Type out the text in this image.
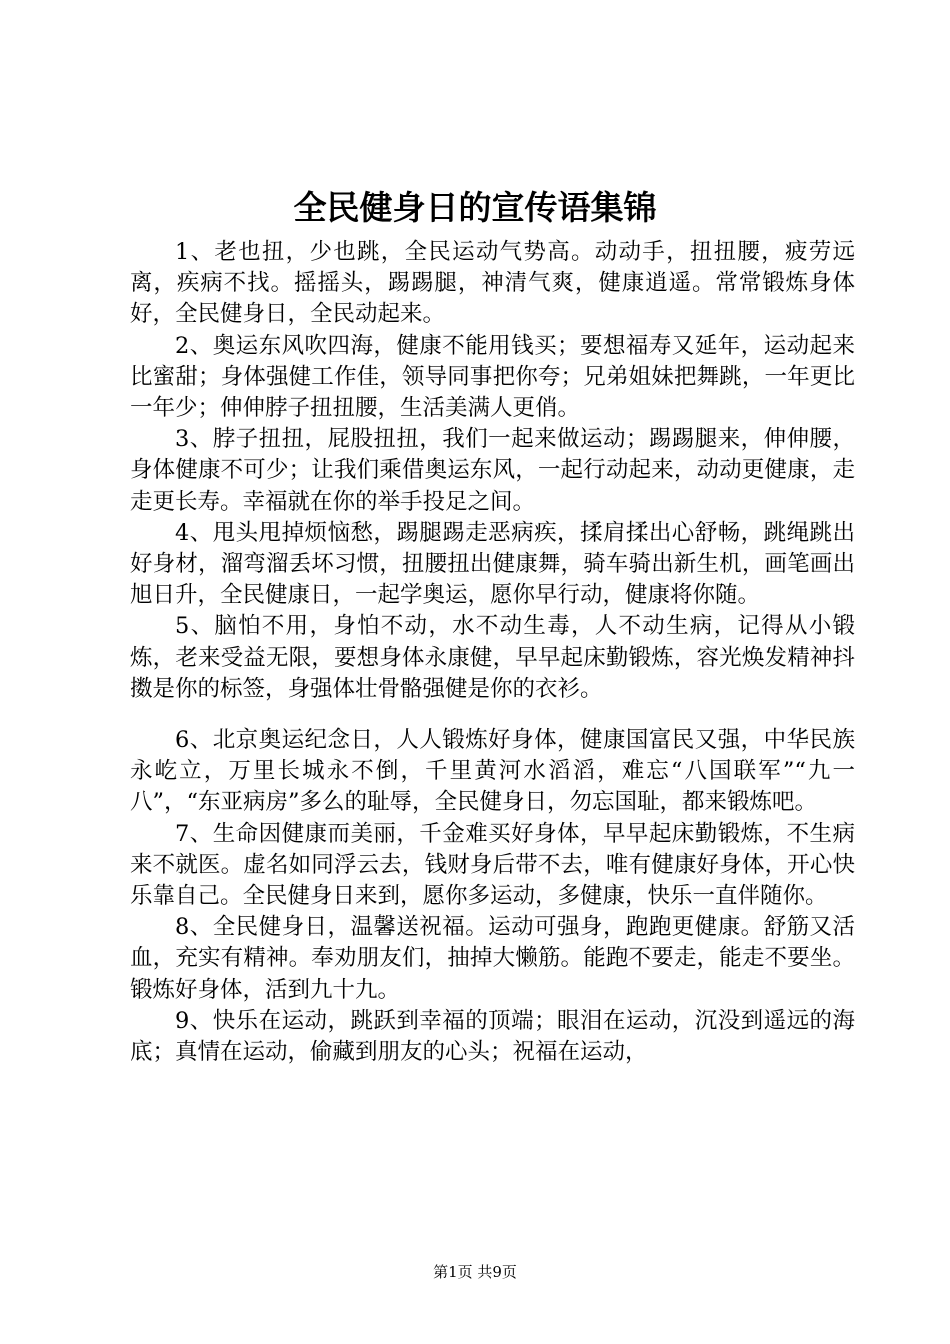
全民健身日的宣传语集锦

1、老也扭，少也跳，全民运动气势高。动动手，扭扭腰，疲劳远离，疾病不找。摇摇头，踢踢腿，神清气爽，健康逍遥。常常锻炼身体好，全民健身日，全民动起来。

2、奥运东风吹四海，健康不能用钱买；要想福寿又延年，运动起来比蜜甜；身体强健工作佳，领导同事把你夸；兄弟姐妹把舞跳，一年更比一年少；伸伸脖子扭扭腰，生活美满人更俏。

3、脖子扭扭，屁股扭扭，我们一起来做运动；踢踢腿来，伸伸腰，身体健康不可少；让我们乘借奥运东风，一起行动起来，动动更健康，走走更长寿。幸福就在你的举手投足之间。

4、甩头甩掉烦恼愁，踢腿踢走恶病疾，揉肩揉出心舒畅，跳绳跳出好身材，溜弯溜丢坏习惯，扭腰扭出健康舞，骑车骑出新生机，画笔画出旭日升，全民健康日，一起学奥运，愿你早行动，健康将你随。

5、脑怕不用，身怕不动，水不动生毒，人不动生病，记得从小锻炼，老来受益无限，要想身体永康健，早早起床勤锻炼，容光焕发精神抖擞是你的标签，身强体壮骨骼强健是你的衣衫。

6、北京奥运纪念日，人人锻炼好身体，健康国富民又强，中华民族永屹立，万里长城永不倒，千里黄河水滔滔，难忘“八国联军”“九一八”，“东亚病房”多么的耻辱，全民健身日，勿忘国耻，都来锻炼吧。

7、生命因健康而美丽，千金难买好身体，早早起床勤锻炼，不生病来不就医。虚名如同浮云去，钱财身后带不去，唯有健康好身体，开心快乐靠自己。全民健身日来到，愿你多运动，多健康，快乐一直伴随你。

8、全民健身日，温馨送祝福。运动可强身，跑跑更健康。舒筋又活血，充实有精神。奉劝朋友们，抽掉大懒筋。能跑不要走，能走不要坐。锻炼好身体，活到九十九。

9、快乐在运动，跳跃到幸福的顶端；眼泪在运动，沉没到遥远的海底；真情在运动，偷藏到朋友的心头；祝福在运动，

第1页 共9页
